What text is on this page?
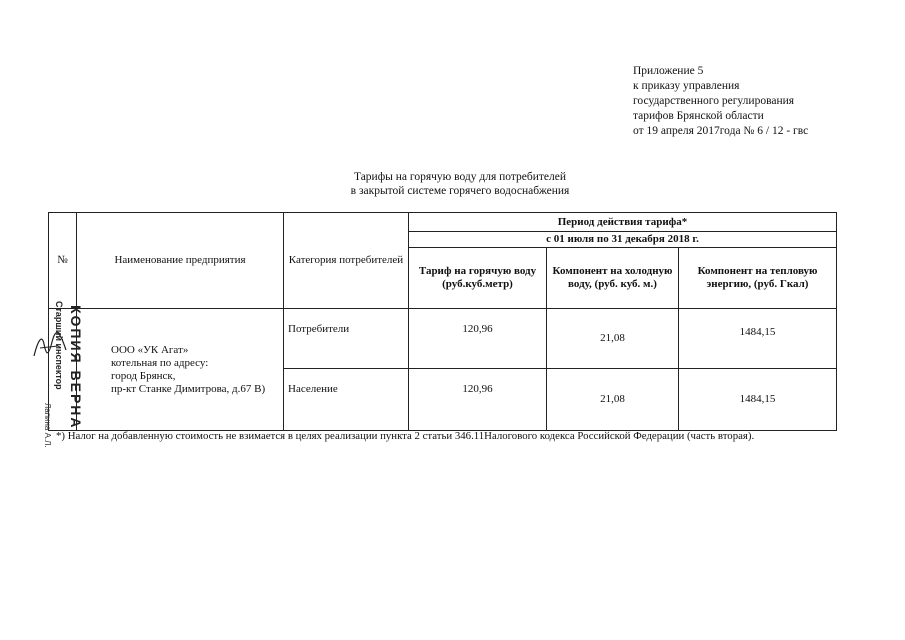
Приложение 5
к приказу управления
государственного регулирования
тарифов Брянской области
от 19 апреля 2017года № 6 / 12 - гвс
Тарифы на горячую воду для потребителей
в закрытой системе горячего водоснабжения
№	Наименование предприятия	Категория потребителей	Период действия тарифа*		
			с 01 июля по 31 декабря 2018 г.		
			Тариф на горячую воду (руб.куб.метр)	Компонент на холодную воду, (руб. куб. м.)	Компонент на тепловую энергию, (руб. Гкал)

	ООО «УК Агат»
котельная по адресу:
город Брянск,
пр-кт Станке Димитрова, д.67 В)	Потребители	120,96	21,08	1484,15
		Население	120,96	21,08	1484,15
*) Налог на добавленную стоимость не взимается в целях реализации пункта 2 статьи 346.11Налогового кодекса Российской Федерации (часть вторая).
КОПИЯ ВЕРНА
Старший инспектор
Лапина А.Л.
